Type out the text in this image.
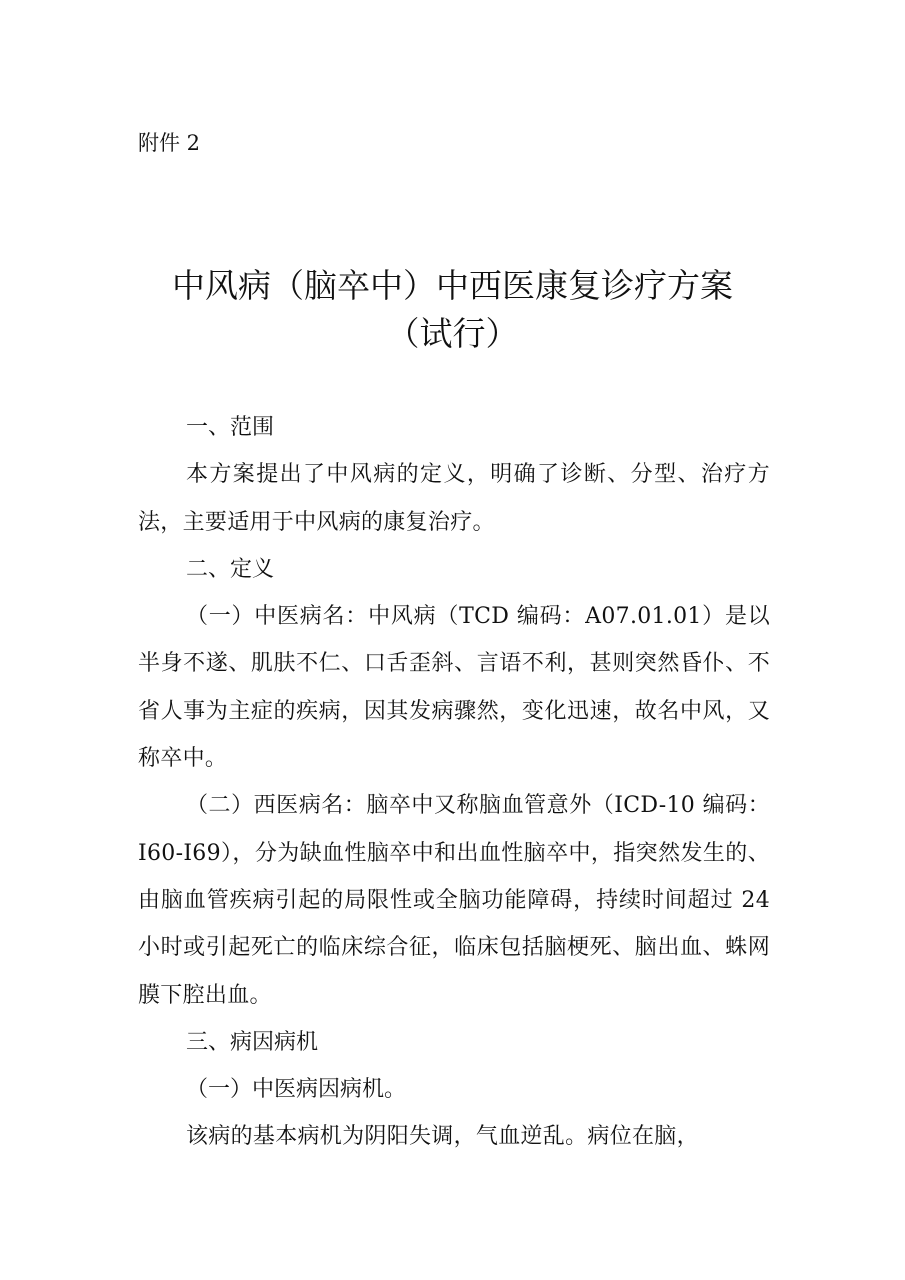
附件 2
中风病（脑卒中）中西医康复诊疗方案
（试行）

一、范围

本方案提出了中风病的定义，明确了诊断、分型、治疗方法，主要适用于中风病的康复治疗。

二、定义

（一）中医病名：中风病（TCD 编码：A07.01.01）是以半身不遂、肌肤不仁、口舌歪斜、言语不利，甚则突然昏仆、不省人事为主症的疾病，因其发病骤然，变化迅速，故名中风，又称卒中。

（二）西医病名：脑卒中又称脑血管意外（ICD-10 编码：I60-I69），分为缺血性脑卒中和出血性脑卒中，指突然发生的、由脑血管疾病引起的局限性或全脑功能障碍，持续时间超过 24 小时或引起死亡的临床综合征，临床包括脑梗死、脑出血、蛛网膜下腔出血。

三、病因病机

（一）中医病因病机。

该病的基本病机为阴阳失调，气血逆乱。病位在脑，
